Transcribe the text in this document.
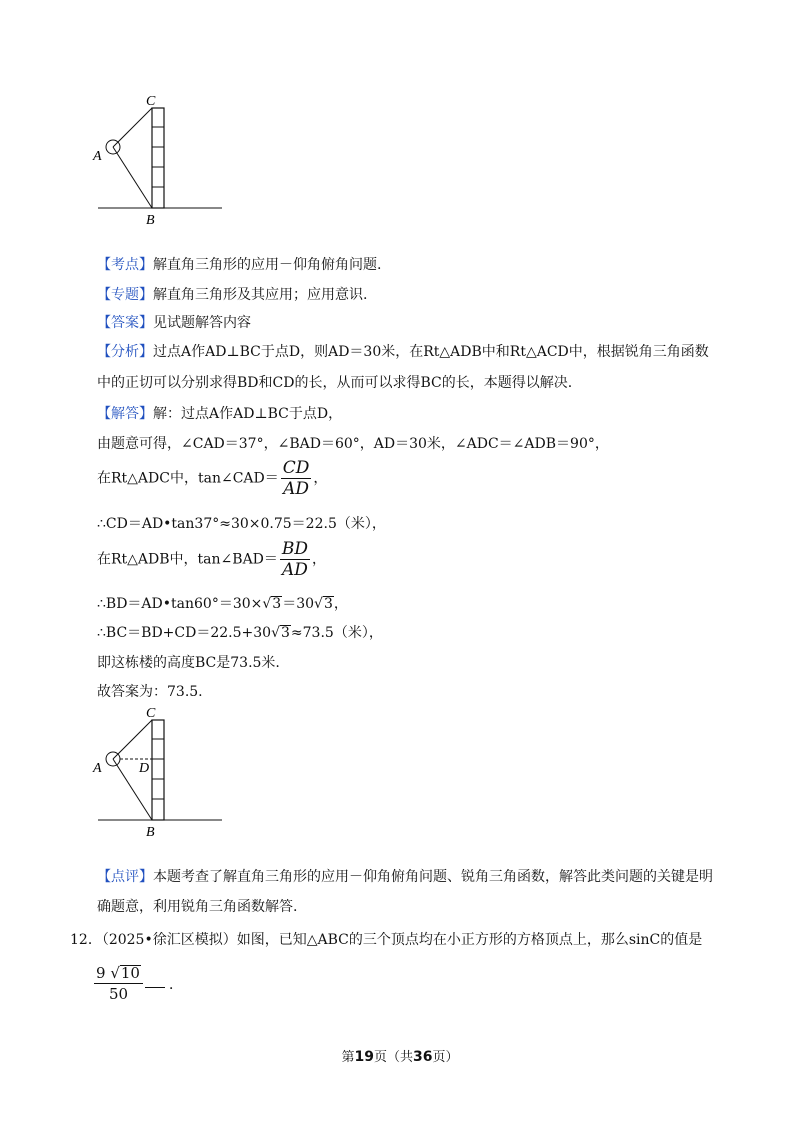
C
A
B
【考点】解直角三角形的应用－仰角俯角问题.
【专题】解直角三角形及其应用；应用意识.
【答案】见试题解答内容
【分析】过点A作AD⊥BC于点D，则AD＝30米，在Rt△ADB中和Rt△ACD中，根据锐角三角函数
中的正切可以分别求得BD和CD的长，从而可以求得BC的长，本题得以解决.
【解答】解：过点A作AD⊥BC于点D，
由题意可得，∠CAD＝37°，∠BAD＝60°，AD＝30米，∠ADC＝∠ADB＝90°，
在Rt△ADC中，tan∠CAD＝ $\frac{CD}{AD}$ ，
∴CD＝AD•tan37°≈30×0.75＝22.5（米），
在Rt△ADB中，tan∠BAD＝ $\frac{BD}{AD}$ ，
∴BD＝AD•tan60°＝30×√3＝30√3，
∴BC＝BD+CD＝22.5+30√3≈73.5（米），
即这栋楼的高度BC是73.5米.
故答案为：73.5.
C
A	D
B
【点评】本题考查了解直角三角形的应用－仰角俯角问题、锐角三角函数，解答此类问题的关键是明
确题意，利用锐角三角函数解答.
12．（2025•徐汇区模拟）如图，已知△ABC的三个顶点均在小正方形的方格顶点上，那么sinC的值是
$\frac{9 √10}{50}$ ．
第19页（共36页）
